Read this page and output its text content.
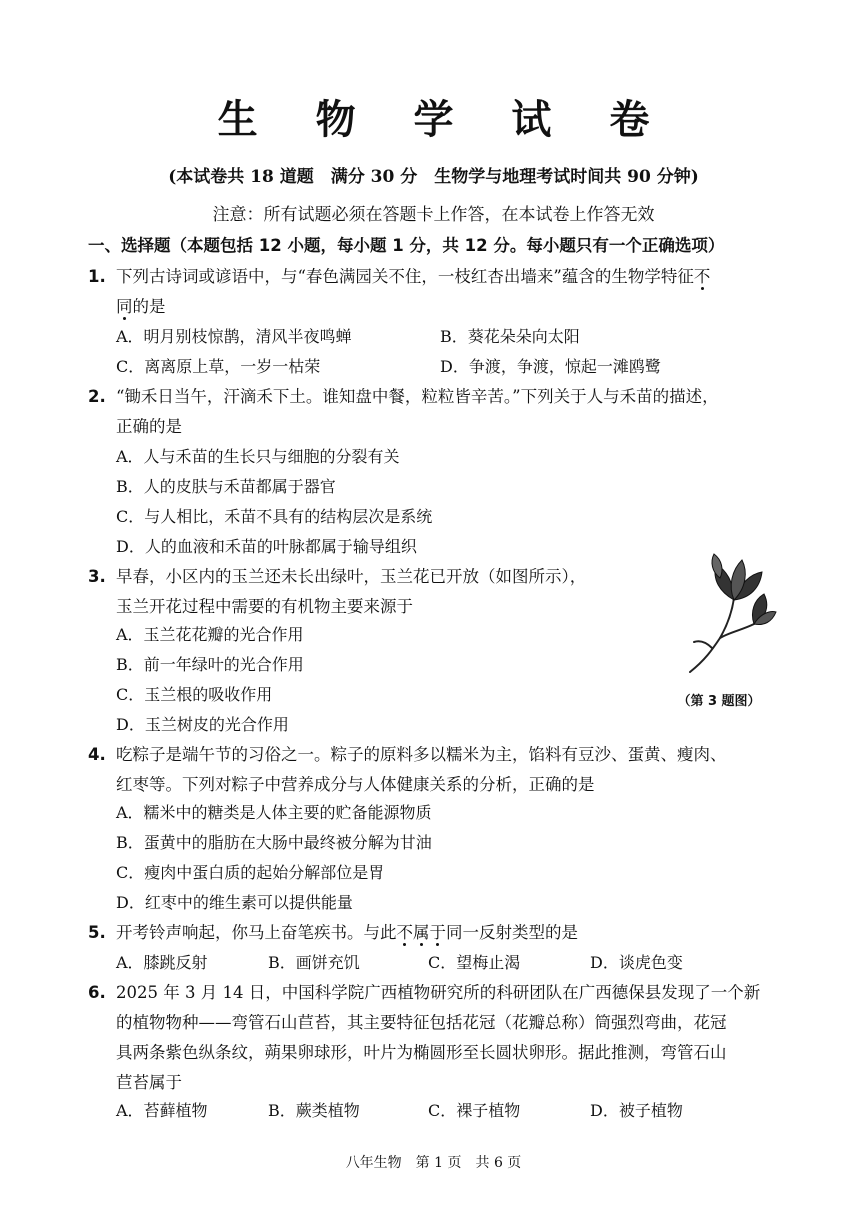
生 物 学 试 卷
(本试卷共 18 道题　满分 30 分　生物学与地理考试时间共 90 分钟)
注意：所有试题必须在答题卡上作答，在本试卷上作答无效
一、选择题（本题包括 12 小题，每小题 1 分，共 12 分。每小题只有一个正确选项）
1. 下列古诗词或谚语中，与“春色满园关不住，一枝红杏出墙来”蕴含的生物学特征不
同的是
A．明月别枝惊鹊，清风半夜鸣蝉	B．葵花朵朵向太阳
C．离离原上草，一岁一枯荣	D．争渡，争渡，惊起一滩鸥鹭
2. “锄禾日当午，汗滴禾下土。谁知盘中餐，粒粒皆辛苦。”下列关于人与禾苗的描述，
正确的是
A．人与禾苗的生长只与细胞的分裂有关
B．人的皮肤与禾苗都属于器官
C．与人相比，禾苗不具有的结构层次是系统
D．人的血液和禾苗的叶脉都属于输导组织
3. 早春，小区内的玉兰还未长出绿叶，玉兰花已开放（如图所示），
玉兰开花过程中需要的有机物主要来源于
A．玉兰花花瓣的光合作用
B．前一年绿叶的光合作用
C．玉兰根的吸收作用
D．玉兰树皮的光合作用
（第 3 题图）
4. 吃粽子是端午节的习俗之一。粽子的原料多以糯米为主，馅料有豆沙、蛋黄、瘦肉、
红枣等。下列对粽子中营养成分与人体健康关系的分析，正确的是
A．糯米中的糖类是人体主要的贮备能源物质
B．蛋黄中的脂肪在大肠中最终被分解为甘油
C．瘦肉中蛋白质的起始分解部位是胃
D．红枣中的维生素可以提供能量
5. 开考铃声响起，你马上奋笔疾书。与此不属于同一反射类型的是
A．膝跳反射	B．画饼充饥	C．望梅止渴	D．谈虎色变
6. 2025 年 3 月 14 日，中国科学院广西植物研究所的科研团队在广西德保县发现了一个新
的植物物种——弯管石山苣苔，其主要特征包括花冠（花瓣总称）筒强烈弯曲，花冠
具两条紫色纵条纹，蒴果卵球形，叶片为椭圆形至长圆状卵形。据此推测，弯管石山
苣苔属于
A．苔藓植物	B．蕨类植物	C．裸子植物	D．被子植物
八年生物　第 1 页　共 6 页
